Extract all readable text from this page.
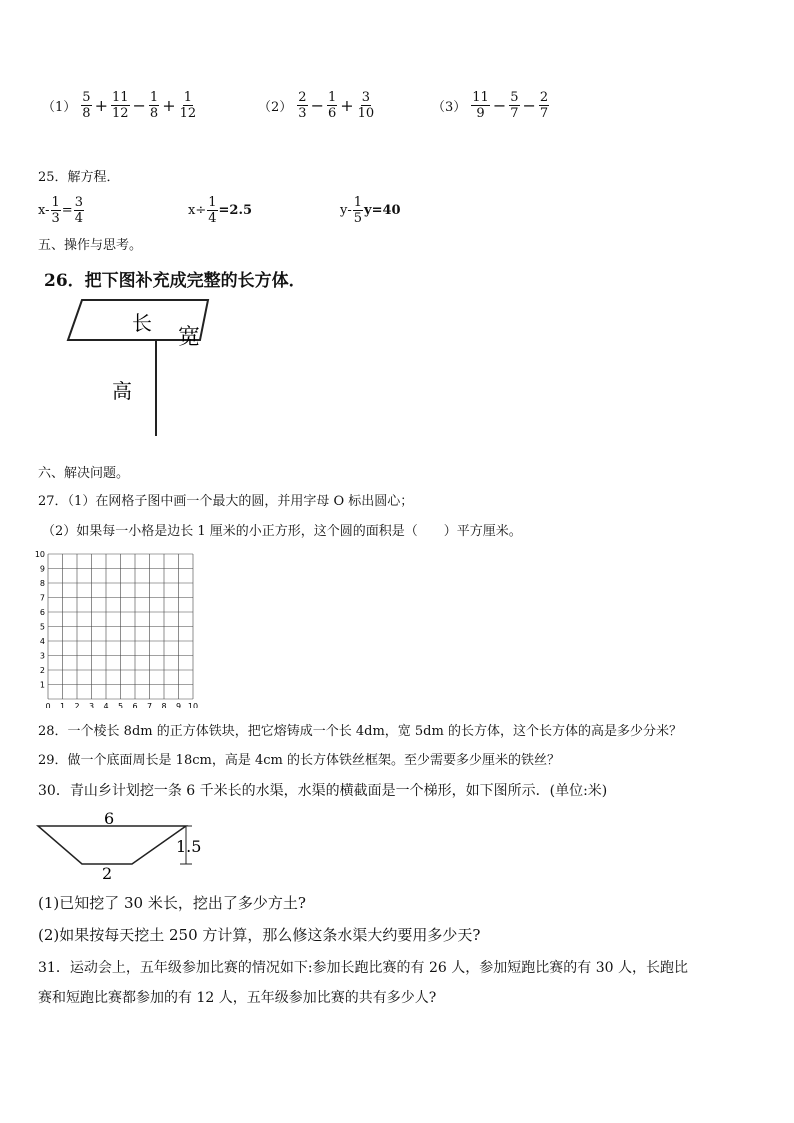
$(1) \frac{5}{8} + \frac{11}{12} - \frac{1}{8} + \frac{1}{12}$	$(2) \frac{2}{3} - \frac{1}{6} + \frac{3}{10}$	$(3) \frac{11}{9} - \frac{5}{7} - \frac{2}{7}$
25．解方程．
$x- \frac{1}{3} = \frac{3}{4}$	$x\div \frac{1}{4} =2.5$	$y- \frac{1}{5} y=40$
五、操作与思考。
26．把下图补充成完整的长方体．
长
宽
高
六、解决问题。
27．（1）在网格子图中画一个最大的圆，并用字母 O 标出圆心；
（2）如果每一小格是边长 1 厘米的小正方形，这个圆的面积是（　　）平方厘米。
10
9
8
7
6
5
4
3
2
1
0 1 2 3 4 5 6 7 8 9 10
28．一个棱长 8dm 的正方体铁块，把它熔铸成一个长 4dm，宽 5dm 的长方体，这个长方体的高是多少分米？
29．做一个底面周长是 18cm，高是 4cm 的长方体铁丝框架。至少需要多少厘米的铁丝？
30．青山乡计划挖一条 6 千米长的水渠，水渠的横截面是一个梯形，如下图所示．(单位:米)
6
2
1.5
(1)已知挖了 30 米长，挖出了多少方土?
(2)如果按每天挖土 250 方计算，那么修这条水渠大约要用多少天?
31．运动会上，五年级参加比赛的情况如下:参加长跑比赛的有 26 人，参加短跑比赛的有 30 人，长跑比
赛和短跑比赛都参加的有 12 人，五年级参加比赛的共有多少人?
